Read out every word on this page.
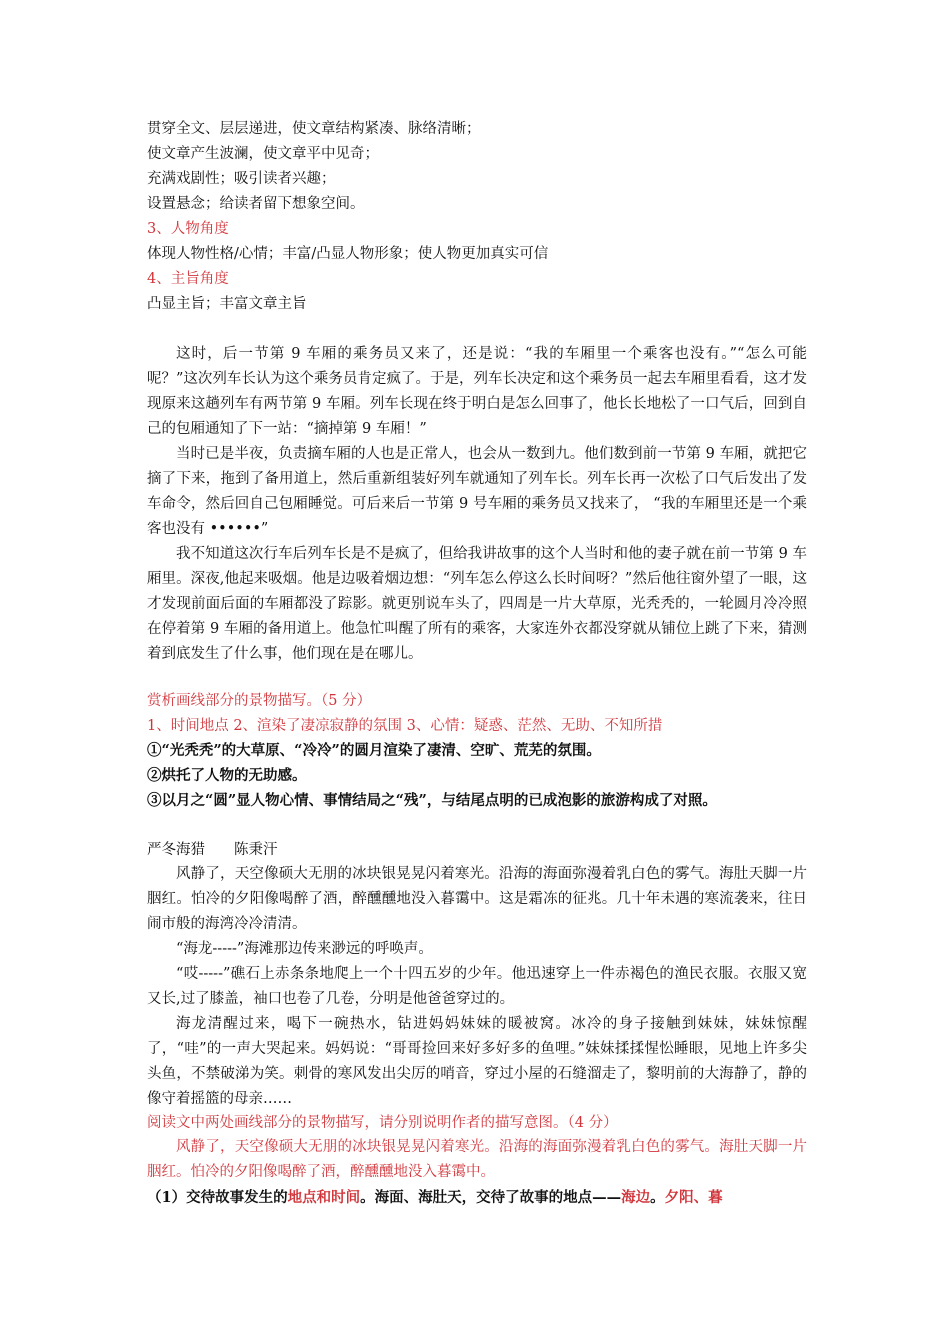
贯穿全文、层层递进，使文章结构紧凑、脉络清晰；
使文章产生波澜，使文章平中见奇；
充满戏剧性；吸引读者兴趣；
设置悬念；给读者留下想象空间。
3、人物角度
体现人物性格/心情；丰富/凸显人物形象；使人物更加真实可信
4、主旨角度
凸显主旨；丰富文章主旨

这时，后一节第 9 车厢的乘务员又来了，还是说：“我的车厢里一个乘客也没有。”“怎么可能呢？”这次列车长认为这个乘务员肯定疯了。于是，列车长决定和这个乘务员一起去车厢里看看，这才发现原来这趟列车有两节第 9 车厢。列车长现在终于明白是怎么回事了，他长长地松了一口气后，回到自己的包厢通知了下一站：“摘掉第 9 车厢！”

当时已是半夜，负责摘车厢的人也是正常人，也会从一数到九。他们数到前一节第 9 车厢，就把它摘了下来，拖到了备用道上，然后重新组装好列车就通知了列车长。列车长再一次松了口气后发出了发车命令，然后回自己包厢睡觉。可后来后一节第 9 号车厢的乘务员又找来了， “我的车厢里还是一个乘客也没有 ••••••”

我不知道这次行车后列车长是不是疯了，但给我讲故事的这个人当时和他的妻子就在前一节第 9 车厢里。深夜,他起来吸烟。他是边吸着烟边想：“列车怎么停这么长时间呀？”然后他往窗外望了一眼，这才发现前面后面的车厢都没了踪影。就更别说车头了，四周是一片大草原，光秃秃的，一轮圆月冷冷照在停着第 9 车厢的备用道上。他急忙叫醒了所有的乘客，大家连外衣都没穿就从铺位上跳了下来，猜测着到底发生了什么事，他们现在是在哪儿。

赏析画线部分的景物描写。（5 分）
1、时间地点 2、渲染了凄凉寂静的氛围 3、心情：疑惑、茫然、无助、不知所措
①“光秃秃”的大草原、“冷冷”的圆月渲染了凄清、空旷、荒芜的氛围。
②烘托了人物的无助感。
③以月之“圆”显人物心情、事情结局之“残”，与结尾点明的已成泡影的旅游构成了对照。
严冬海猎　　陈秉汗

风静了，天空像硕大无朋的冰块银晃晃闪着寒光。沿海的海面弥漫着乳白色的雾气。海肚天脚一片胭红。怕冷的夕阳像喝醉了酒，醉醺醺地没入暮霭中。这是霜冻的征兆。几十年未遇的寒流袭来，往日闹市般的海湾冷冷清清。

“海龙-----”海滩那边传来渺远的呼唤声。

“哎-----”礁石上赤条条地爬上一个十四五岁的少年。他迅速穿上一件赤褐色的渔民衣服。衣服又宽又长,过了膝盖，袖口也卷了几卷，分明是他爸爸穿过的。

海龙清醒过来，喝下一碗热水，钻进妈妈妹妹的暖被窝。冰冷的身子接触到妹妹，妹妹惊醒了，“哇”的一声大哭起来。妈妈说：“哥哥捡回来好多好多的鱼哩。”妹妹揉揉惺忪睡眼，见地上许多尖头鱼，不禁破涕为笑。刺骨的寒风发出尖厉的哨音，穿过小屋的石缝溜走了，黎明前的大海静了，静的像守着摇篮的母亲……

阅读文中两处画线部分的景物描写，请分别说明作者的描写意图。（4 分）

风静了，天空像硕大无朋的冰块银晃晃闪着寒光。沿海的海面弥漫着乳白色的雾气。海肚天脚一片胭红。怕冷的夕阳像喝醉了酒，醉醺醺地没入暮霭中。

（1）交待故事发生的地点和时间。海面、海肚天，交待了故事的地点——海边。夕阳、暮
